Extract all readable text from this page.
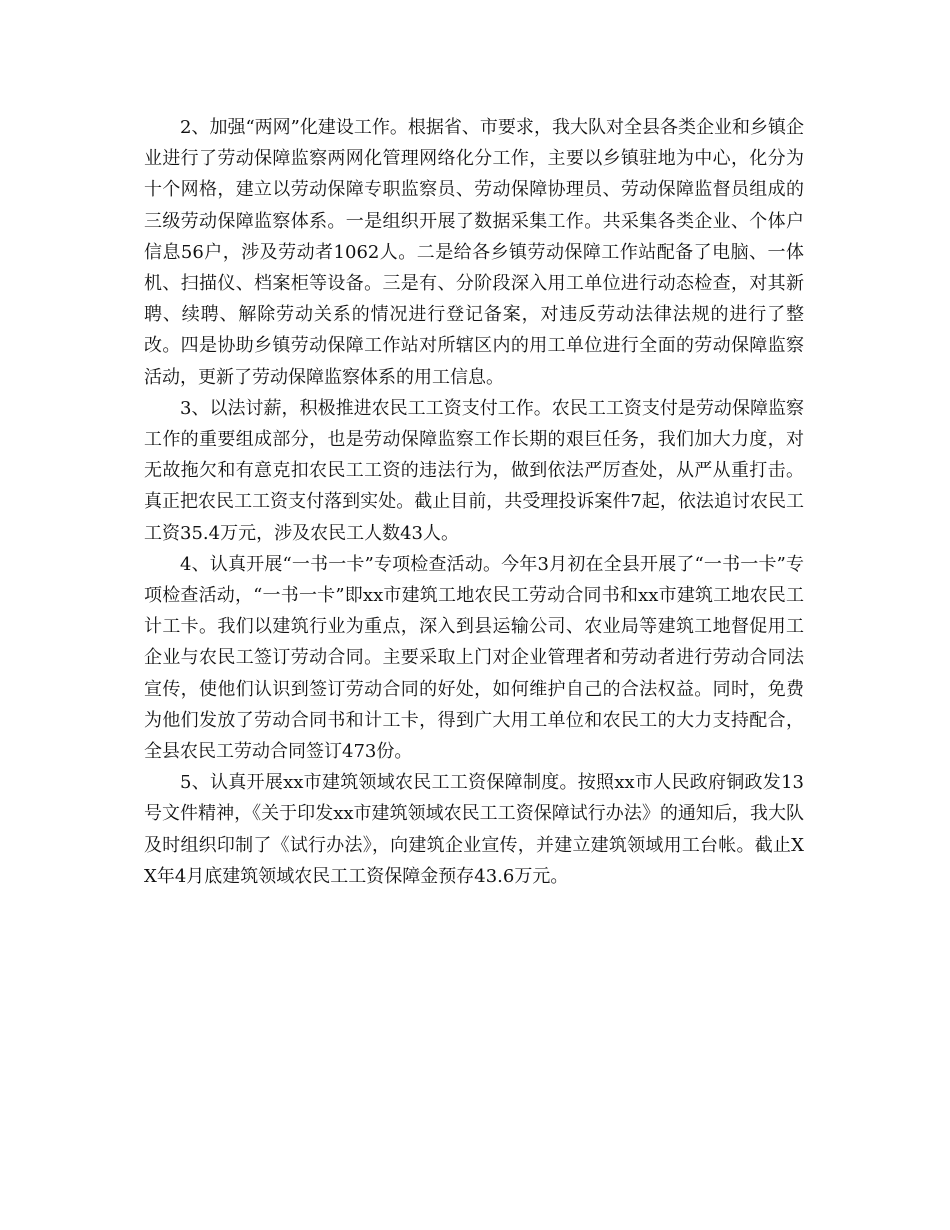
2、加强“两网”化建设工作。根据省、市要求，我大队对全县各类企业和乡镇企业进行了劳动保障监察两网化管理网络化分工作，主要以乡镇驻地为中心，化分为十个网格，建立以劳动保障专职监察员、劳动保障协理员、劳动保障监督员组成的三级劳动保障监察体系。一是组织开展了数据采集工作。共采集各类企业、个体户信息56户，涉及劳动者1062人。二是给各乡镇劳动保障工作站配备了电脑、一体机、扫描仪、档案柜等设备。三是有、分阶段深入用工单位进行动态检查，对其新聘、续聘、解除劳动关系的情况进行登记备案，对违反劳动法律法规的进行了整改。四是协助乡镇劳动保障工作站对所辖区内的用工单位进行全面的劳动保障监察活动，更新了劳动保障监察体系的用工信息。

3、以法讨薪，积极推进农民工工资支付工作。农民工工资支付是劳动保障监察工作的重要组成部分，也是劳动保障监察工作长期的艰巨任务，我们加大力度，对无故拖欠和有意克扣农民工工资的违法行为，做到依法严厉查处，从严从重打击。真正把农民工工资支付落到实处。截止目前，共受理投诉案件7起，依法追讨农民工工资35.4万元，涉及农民工人数43人。

4、认真开展“一书一卡”专项检查活动。今年3月初在全县开展了“一书一卡”专项检查活动，“一书一卡”即xx市建筑工地农民工劳动合同书和xx市建筑工地农民工计工卡。我们以建筑行业为重点，深入到县运输公司、农业局等建筑工地督促用工企业与农民工签订劳动合同。主要采取上门对企业管理者和劳动者进行劳动合同法宣传，使他们认识到签订劳动合同的好处，如何维护自己的合法权益。同时，免费为他们发放了劳动合同书和计工卡，得到广大用工单位和农民工的大力支持配合，全县农民工劳动合同签订473份。

5、认真开展xx市建筑领域农民工工资保障制度。按照xx市人民政府铜政发13号文件精神，《关于印发xx市建筑领域农民工工资保障试行办法》的通知后，我大队及时组织印制了《试行办法》，向建筑企业宣传，并建立建筑领域用工台帐。截止XX年4月底建筑领域农民工工资保障金预存43.6万元。
